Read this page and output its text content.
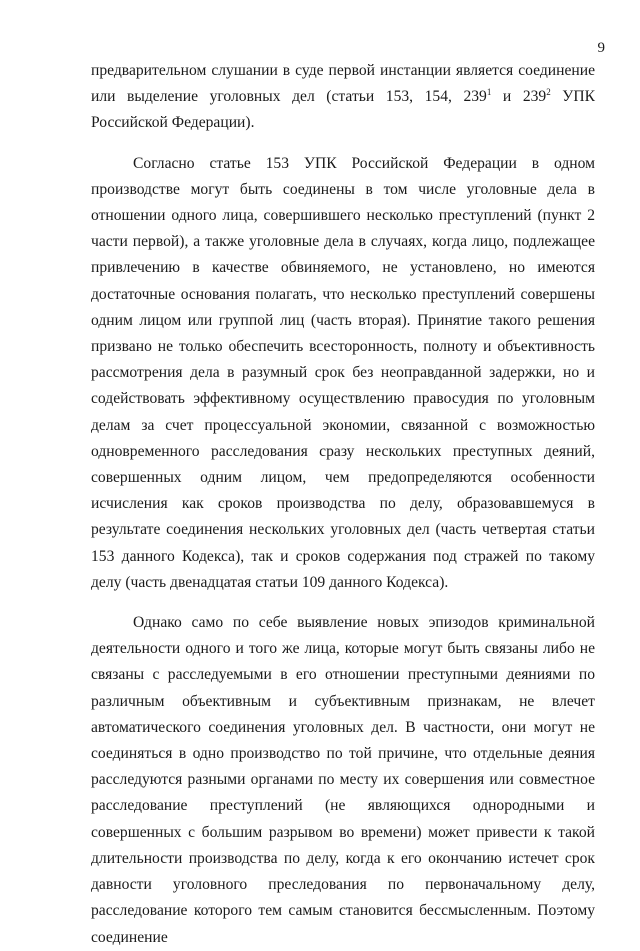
9
предварительном слушании в суде первой инстанции является соединение или выделение уголовных дел (статьи 153, 154, $239^1$ и $239^2$ УПК Российской Федерации).
Согласно статье 153 УПК Российской Федерации в одном производстве могут быть соединены в том числе уголовные дела в отношении одного лица, совершившего несколько преступлений (пункт 2 части первой), а также уголовные дела в случаях, когда лицо, подлежащее привлечению в качестве обвиняемого, не установлено, но имеются достаточные основания полагать, что несколько преступлений совершены одним лицом или группой лиц (часть вторая). Принятие такого решения призвано не только обеспечить всесторонность, полноту и объективность рассмотрения дела в разумный срок без неоправданной задержки, но и содействовать эффективному осуществлению правосудия по уголовным делам за счет процессуальной экономии, связанной с возможностью одновременного расследования сразу нескольких преступных деяний, совершенных одним лицом, чем предопределяются особенности исчисления как сроков производства по делу, образовавшемуся в результате соединения нескольких уголовных дел (часть четвертая статьи 153 данного Кодекса), так и сроков содержания под стражей по такому делу (часть двенадцатая статьи 109 данного Кодекса).
Однако само по себе выявление новых эпизодов криминальной деятельности одного и того же лица, которые могут быть связаны либо не связаны с расследуемыми в его отношении преступными деяниями по различным объективным и субъективным признакам, не влечет автоматического соединения уголовных дел. В частности, они могут не соединяться в одно производство по той причине, что отдельные деяния расследуются разными органами по месту их совершения или совместное расследование преступлений (не являющихся однородными и совершенных с большим разрывом во времени) может привести к такой длительности производства по делу, когда к его окончанию истечет срок давности уголовного преследования по первоначальному делу, расследование которого тем самым становится бессмысленным. Поэтому соединение
